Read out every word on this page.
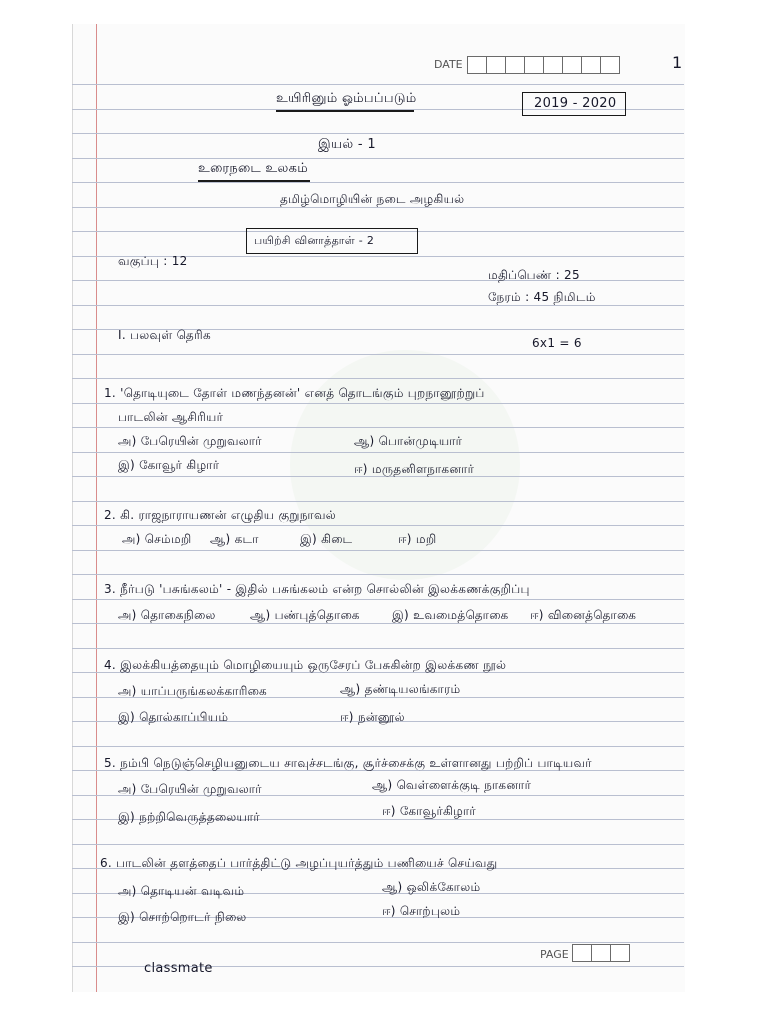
DATE	1
உயிரினும் ஓம்பப்படும்	2019 - 2020
இயல் - 1
உரைநடை உலகம்
தமிழ்மொழியின் நடை அழகியல்
பயிற்சி வினாத்தாள் - 2
வகுப்பு : 12
மதிப்பெண் : 25
நேரம் : 45 நிமிடம்
I. பலவுள் தெரிக
6x1 = 6
1. 'தொடியுடை தோள் மணந்தனன்' எனத் தொடங்கும் புறநானூற்றுப்
பாடலின் ஆசிரியர்
அ) பேரெயின் முறுவலார்	ஆ) பொன்முடியார்
இ) கோவூர் கிழார்	ஈ) மருதனிளநாகனார்
2. கி. ராஜநாராயணன் எழுதிய குறுநாவல்
அ) செம்மறி ஆ) கடா	இ) கிடை	ஈ) மறி
3. நீர்படு 'பசுங்கலம்' - இதில் பசுங்கலம் என்ற சொல்லின் இலக்கணக்குறிப்பு
அ) தொகைநிலை	ஆ) பண்புத்தொகை	இ) உவமைத்தொகை ஈ) வினைத்தொகை
4. இலக்கியத்தையும் மொழியையும் ஒருசேரப் பேசுகின்ற இலக்கண நூல்
அ) யாப்பருங்கலக்காரிகை	ஆ) தண்டியலங்காரம்
இ) தொல்காப்பியம்	ஈ) நன்னூல்
5. நம்பி நெடுஞ்செழியனுடைய சாவுச்சடங்கு, சூர்ச்சைக்கு உள்ளானது பற்றிப் பாடியவர்
அ) பேரெயின் முறுவலார்	ஆ) வெள்ளைக்குடி நாகனார்
இ) நற்றிவெருத்தலையார்	ஈ) கோவூர்கிழார்
6. பாடலின் தளத்தைப் பார்த்திட்டு அழப்புயர்த்தும் பணியைச் செய்வது
அ) தொடியன் வடிவம்	ஆ) ஒலிக்கோலம்
இ) சொற்றொடர் நிலை	ஈ) சொற்புலம்
PAGE
classmate
